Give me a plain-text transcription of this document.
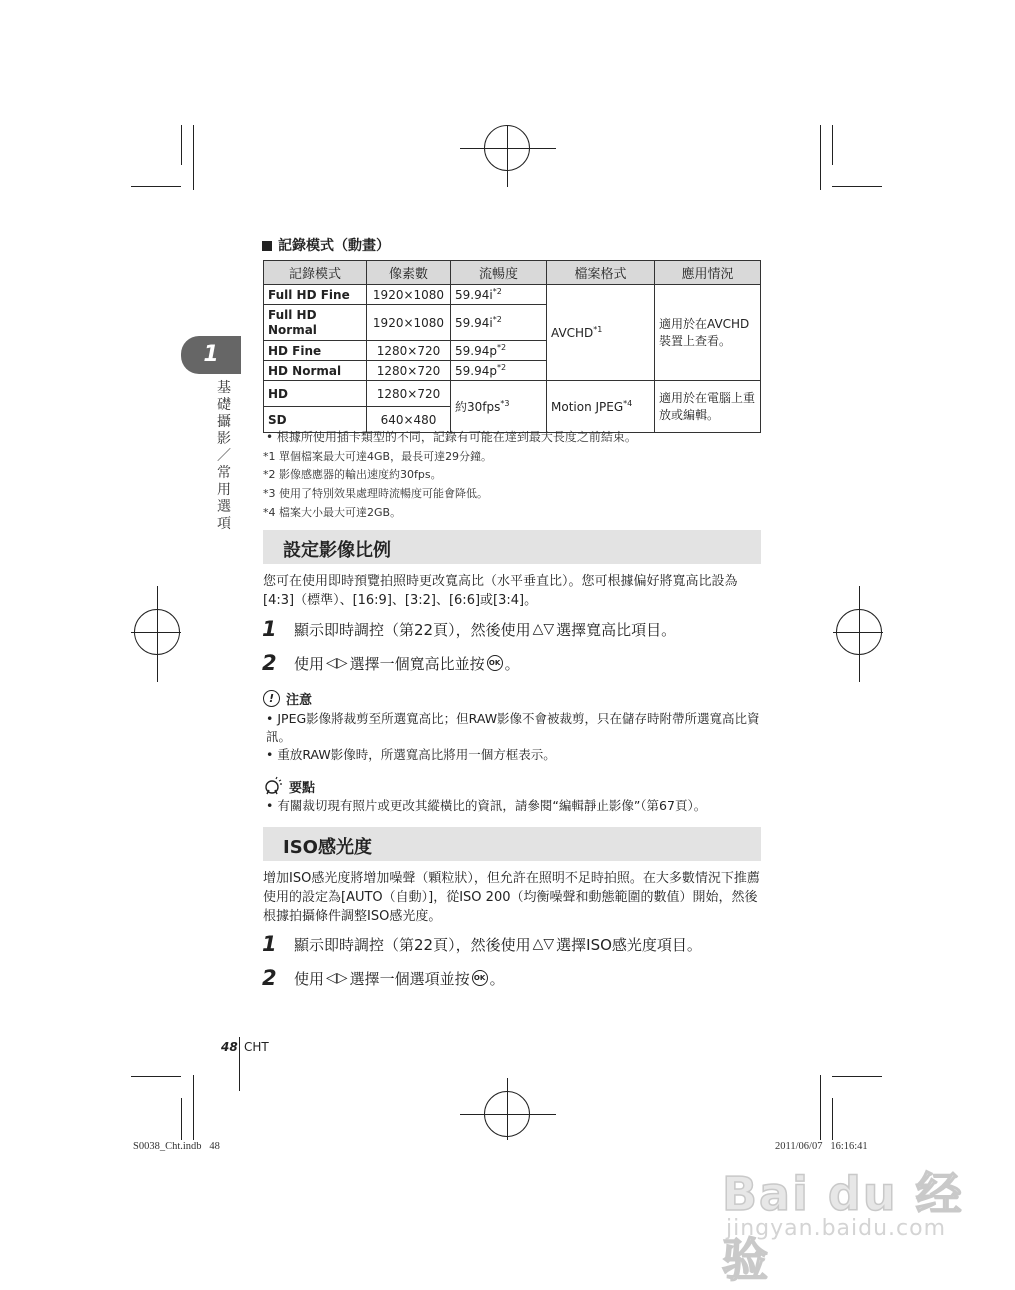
1
基礎攝影／常用選項
記錄模式（動畫）
記錄模式	像素數	流暢度	檔案格式	應用情況
Full HD Fine	1920×1080	$59.94i^{*2}$	AVCHD$^{*1}$	適用於在AVCHD裝置上查看。
Full HD Normal	1920×1080	$59.94i^{*2}$
HD Fine	1280×720	$59.94p^{*2}$
HD Normal	1280×720	$59.94p^{*2}$
HD	1280×720	約30fps$^{*3}$	Motion JPEG$^{*4}$	適用於在電腦上重放或編輯。
SD	640×480			
• 根據所使用插卡類型的不同，記錄有可能在達到最大長度之前結束。
*1 單個檔案最大可達4GB，最長可達29分鐘。
*2 影像感應器的輸出速度約30fps。
*3 使用了特別效果處理時流暢度可能會降低。
*4 檔案大小最大可達2GB。
設定影像比例
您可在使用即時預覽拍照時更改寬高比（水平垂直比）。您可根據偏好將寬高比設為[4:3]（標準）、[16:9]、[3:2]、[6:6]或[3:4]。
1	顯示即時調控（第22頁），然後使用 △▽ 選擇寬高比項目。
2	使用 ◁▷ 選擇一個寬高比並按 OK 。
! 注意
• JPEG影像將裁剪至所選寬高比；但RAW影像不會被裁剪，只在儲存時附帶所選寬高比資訊。
• 重放RAW影像時，所選寬高比將用一個方框表示。
要點
• 有關裁切現有照片或更改其縱橫比的資訊，請參閱“編輯靜止影像”（第67頁）。
ISO感光度
增加ISO感光度將增加噪聲（顆粒狀），但允許在照明不足時拍照。在大多數情況下推薦使用的設定為[AUTO（自動）]，從ISO 200（均衡噪聲和動態範圍的數值）開始，然後根據拍攝條件調整ISO感光度。
1	顯示即時調控（第22頁），然後使用 △▽ 選擇ISO感光度項目。
2	使用 ◁▷ 選擇一個選項並按 OK 。
48 CHT
S0038_Cht.indb   48	2011/06/07   16:16:41
Bai du 经验
jingyan.baidu.com
